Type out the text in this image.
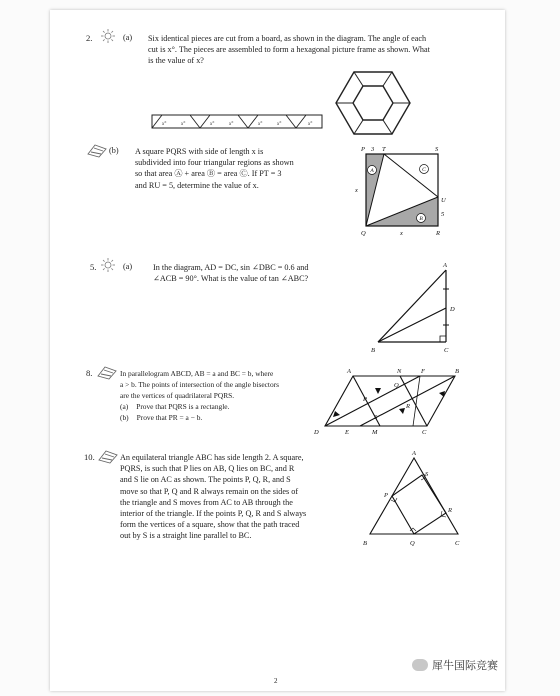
2.	(a) Six identical pieces are cut from a board, as shown in the diagram. The angle of each
cut is x°. The pieces are assembled to form a hexagonal picture frame as shown. What
is the value of x?
x°	x°	x°	x°	x°	x°	x°
(b) A square PQRS with side of length x is
subdivided into four triangular regions as shown
so that area Ⓐ + area Ⓑ = area Ⓒ. If PT = 3
and RU = 5, determine the value of x.
P 3 T	S
x
U
5
Q	x	R
A	C
B
5.	(a)	In the diagram, AD = DC, sin ∠DBC = 0.6 and
∠ACB = 90°. What is the value of tan ∠ABC?
A
D
B	C
8.	In parallelogram ABCD, AB = a and BC = b, where
a > b. The points of intersection of the angle bisectors
are the vertices of quadrilateral PQRS.
(a) Prove that PQRS is a rectangle.
(b) Prove that PR = a − b.
A	N	F	B
Q
P
R
S
D	E	M	C
10.	An equilateral triangle ABC has side length 2. A square,
PQRS, is such that P lies on AB, Q lies on BC, and R
and S lie on AC as shown. The points P, Q, R, and S
move so that P, Q and R always remain on the sides of
the triangle and S moves from AC to AB through the
interior of the triangle. If the points P, Q, R and S always
form the vertices of a square, show that the path traced
out by S is a straight line parallel to BC.
A
S
P
R
B	Q	C
犀牛国际竞赛
2
